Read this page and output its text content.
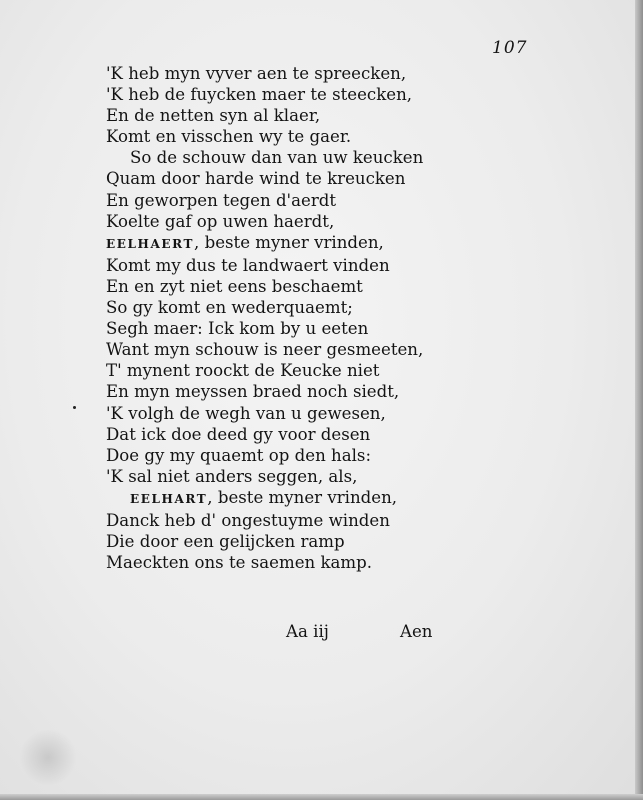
107
'K heb myn vyver aen te spreecken,
'K heb de fuycken maer te steecken,
En de netten syn al klaer,
Komt en visschen wy te gaer.
So de schouw dan van uw keucken
Quam door harde wind te kreucken
En geworpen tegen d'aerdt
Koelte gaf op uwen haerdt,
EELHAERT, beste myner vrinden,
Komt my dus te landwaert vinden
En en zyt niet eens beschaemt
So gy komt en wederquaemt;
Segh maer: Ick kom by u eeten
Want myn schouw is neer gesmeeten,
T' mynent roockt de Keucke niet
En myn meyssen braed noch siedt,
'K volgh de wegh van u gewesen,
Dat ick doe deed gy voor desen
Doe gy my quaemt op den hals:
'K sal niet anders seggen, als,
EELHART, beste myner vrinden,
Danck heb d' ongestuyme winden
Die door een gelijcken ramp
Maeckten ons te saemen kamp.
Aa iij	Aen
